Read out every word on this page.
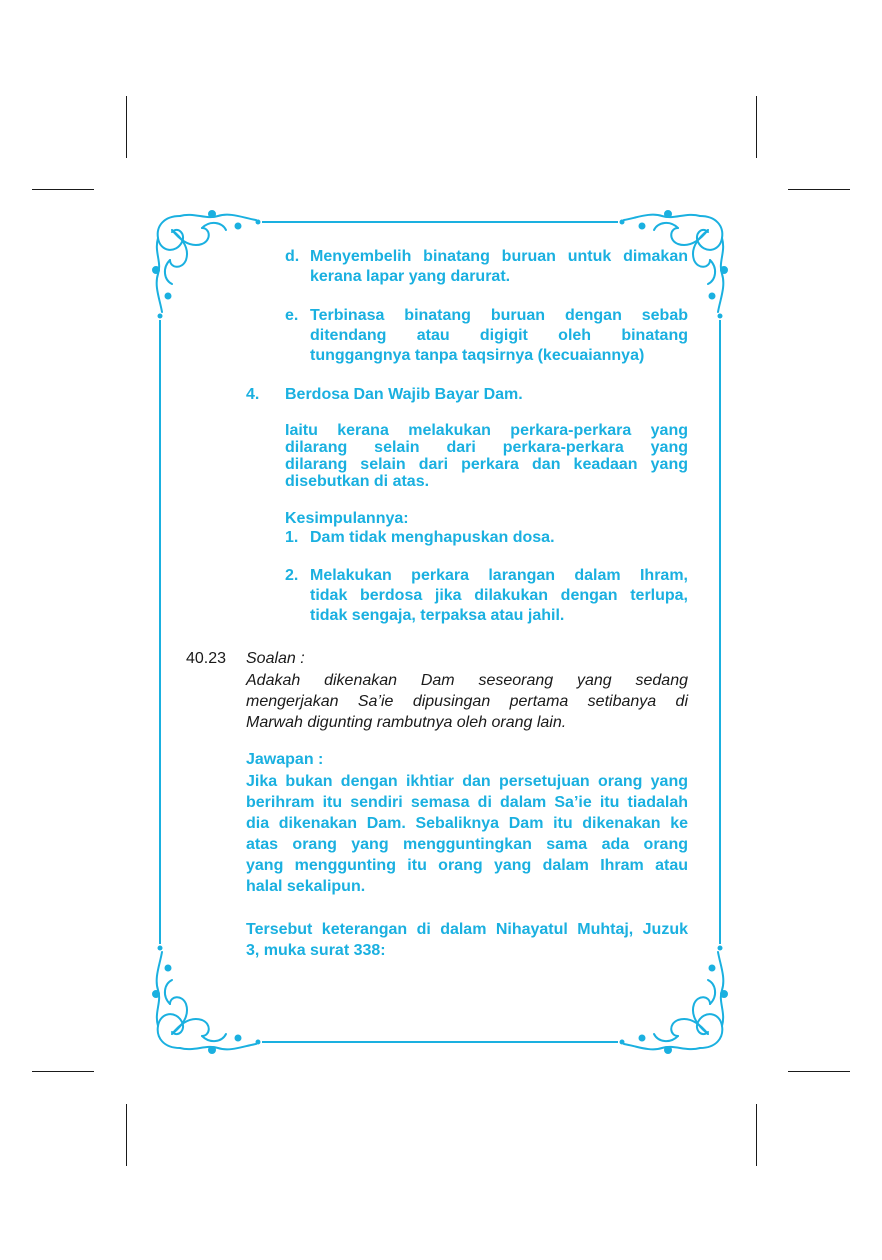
d. Menyembelih binatang buruan untuk dimakan
kerana lapar yang darurat.
e. Terbinasa binatang buruan dengan sebab
ditendang atau digigit oleh binatang
tunggangnya tanpa taqsirnya (kecuaiannya)
4. Berdosa Dan Wajib Bayar Dam.
Iaitu kerana melakukan perkara-perkara yang
dilarang selain dari perkara-perkara yang
dilarang selain dari perkara dan keadaan yang
disebutkan di atas.
Kesimpulannya:
1. Dam tidak menghapuskan dosa.
2. Melakukan perkara larangan dalam Ihram,
tidak berdosa jika dilakukan dengan terlupa,
tidak sengaja, terpaksa atau jahil.
40.23 Soalan :
Adakah dikenakan Dam seseorang yang sedang
mengerjakan Sa’ie dipusingan pertama setibanya di
Marwah digunting rambutnya oleh orang lain.
Jawapan :
Jika bukan dengan ikhtiar dan persetujuan orang yang
berihram itu sendiri semasa di dalam Sa’ie itu tiadalah
dia dikenakan Dam. Sebaliknya Dam itu dikenakan ke
atas orang yang mengguntingkan sama ada orang
yang menggunting itu orang yang dalam Ihram atau
halal sekalipun.
Tersebut keterangan di dalam Nihayatul Muhtaj, Juzuk
3, muka surat 338:
